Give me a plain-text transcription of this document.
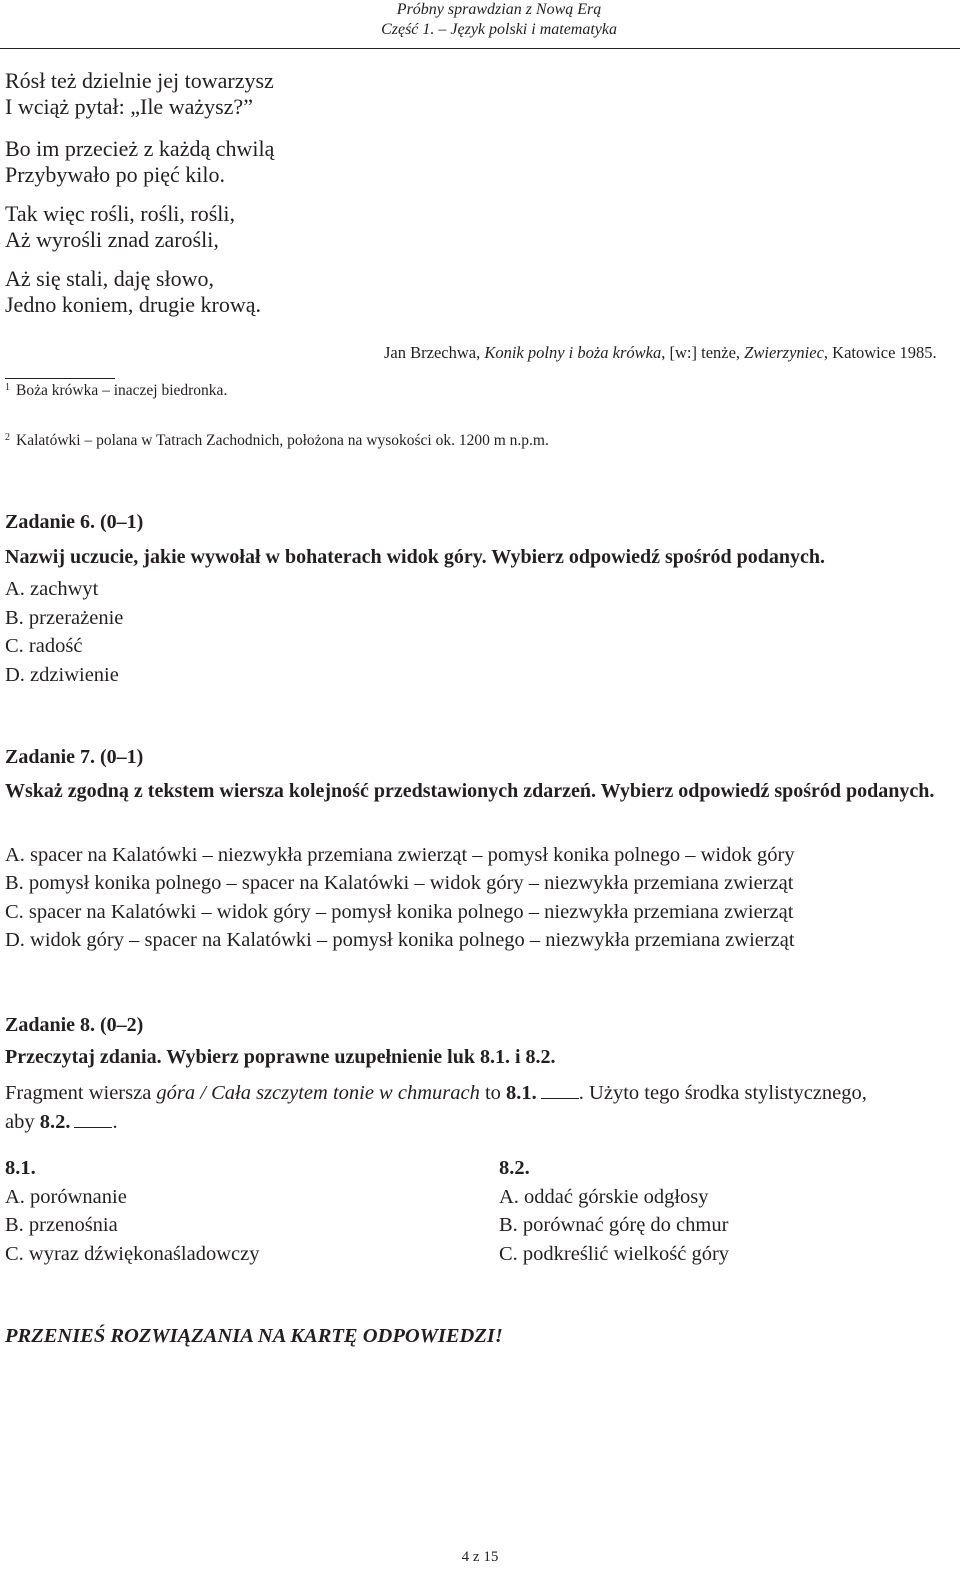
Próbny sprawdzian z Nową Erą
Część 1. – Język polski i matematyka
Rósł też dzielnie jej towarzysz
I wciąż pytał: „Ile ważysz?”
Bo im przecież z każdą chwilą
Przybywało po pięć kilo.
Tak więc rośli, rośli, rośli,
Aż wyrośli znad zarośli,
Aż się stali, daję słowo,
Jedno koniem, drugie krową.
Jan Brzechwa, Konik polny i boża krówka, [w:] tenże, Zwierzyniec, Katowice 1985.
$^1$ Boża krówka – inaczej biedronka.
$^2$ Kalatówki – polana w Tatrach Zachodnich, położona na wysokości ok. 1200 m n.p.m.
Zadanie 6. (0–1)
Nazwij uczucie, jakie wywołał w bohaterach widok góry. Wybierz odpowiedź spośród podanych.
A. zachwyt
B. przerażenie
C. radość
D. zdziwienie
Zadanie 7. (0–1)
Wskaż zgodną z tekstem wiersza kolejność przedstawionych zdarzeń. Wybierz odpowiedź spośród podanych.
A. spacer na Kalatówki – niezwykła przemiana zwierząt – pomysł konika polnego – widok góry
B. pomysł konika polnego – spacer na Kalatówki – widok góry – niezwykła przemiana zwierząt
C. spacer na Kalatówki – widok góry – pomysł konika polnego – niezwykła przemiana zwierząt
D. widok góry – spacer na Kalatówki – pomysł konika polnego – niezwykła przemiana zwierząt
Zadanie 8. (0–2)
Przeczytaj zdania. Wybierz poprawne uzupełnienie luk 8.1. i 8.2.
Fragment wiersza góra / Cała szczytem tonie w chmurach to 8.1. . Użyto tego środka stylistycznego, aby 8.2. .
8.1.
A. porównanie
B. przenośnia
C. wyraz dźwiękonaśladowczy
8.2.
A. oddać górskie odgłosy
B. porównać górę do chmur
C. podkreślić wielkość góry
PRZENIEŚ ROZWIĄZANIA NA KARTĘ ODPOWIEDZI!
4 z 15
